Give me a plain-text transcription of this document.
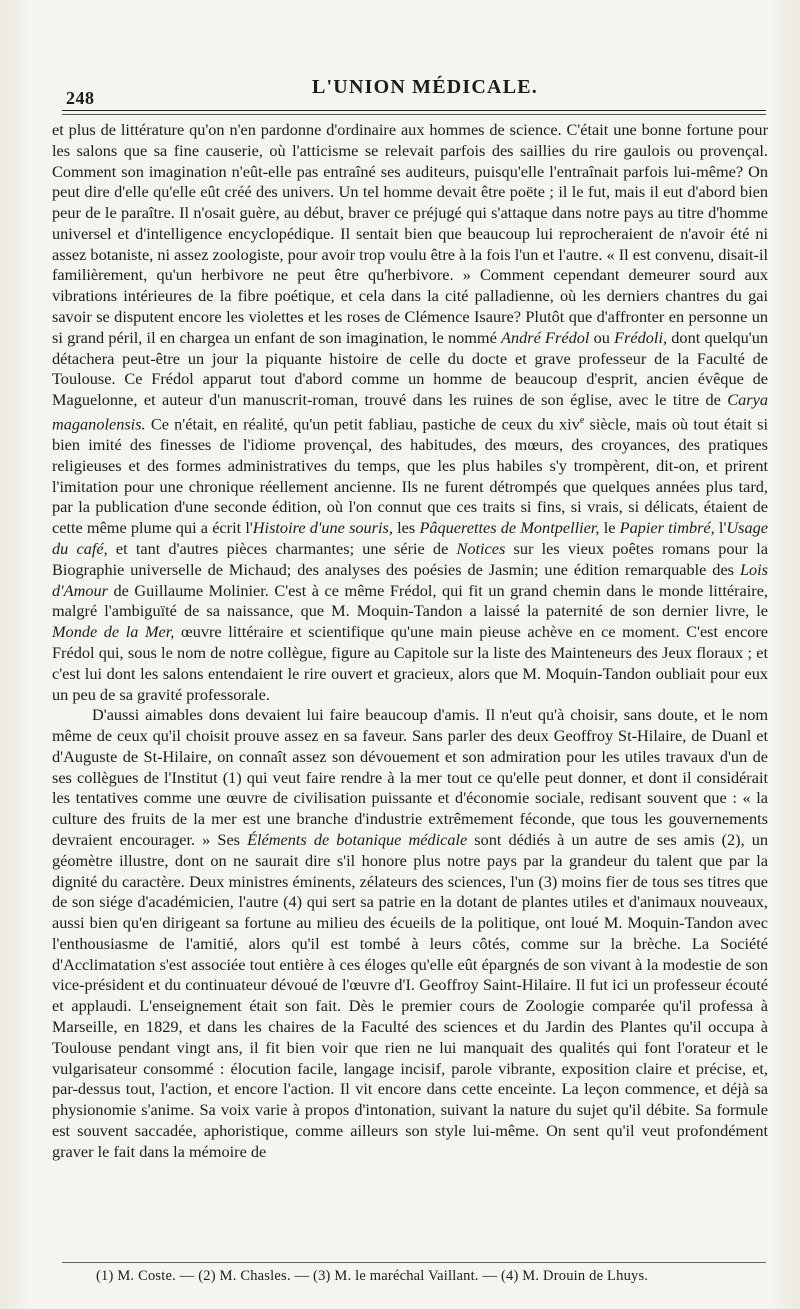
248	L'UNION MÉDICALE.

et plus de littérature qu'on n'en pardonne d'ordinaire aux hommes de science. C'était une bonne fortune pour les salons que sa fine causerie, où l'atticisme se relevait parfois des saillies du rire gaulois ou provençal. Comment son imagination n'eût-elle pas entraîné ses auditeurs, puisqu'elle l'entraînait parfois lui-même? On peut dire d'elle qu'elle eût créé des univers. Un tel homme devait être poëte ; il le fut, mais il eut d'abord bien peur de le paraître. Il n'osait guère, au début, braver ce préjugé qui s'attaque dans notre pays au titre d'homme universel et d'intelligence encyclopédique. Il sentait bien que beaucoup lui reprocheraient de n'avoir été ni assez botaniste, ni assez zoologiste, pour avoir trop voulu être à la fois l'un et l'autre. « Il est convenu, disait-il familièrement, qu'un herbivore ne peut être qu'herbivore. » Comment cependant demeurer sourd aux vibrations intérieures de la fibre poétique, et cela dans la cité palladienne, où les derniers chantres du gai savoir se disputent encore les violettes et les roses de Clémence Isaure? Plutôt que d'affronter en personne un si grand péril, il en chargea un enfant de son imagination, le nommé André Frédol ou Frédoli, dont quelqu'un détachera peut-être un jour la piquante histoire de celle du docte et grave professeur de la Faculté de Toulouse. Ce Frédol apparut tout d'abord comme un homme de beaucoup d'esprit, ancien évêque de Maguelonne, et auteur d'un manuscrit-roman, trouvé dans les ruines de son église, avec le titre de Carya maganolensis. Ce n'était, en réalité, qu'un petit fabliau, pastiche de ceux du xiv$^e$ siècle, mais où tout était si bien imité des finesses de l'idiome provençal, des habitudes, des mœurs, des croyances, des pratiques religieuses et des formes administratives du temps, que les plus habiles s'y trompèrent, dit-on, et prirent l'imitation pour une chronique réellement ancienne. Ils ne furent détrompés que quelques années plus tard, par la publication d'une seconde édition, où l'on connut que ces traits si fins, si vrais, si délicats, étaient de cette même plume qui a écrit l'Histoire d'une souris, les Pâquerettes de Montpellier, le Papier timbré, l'Usage du café, et tant d'autres pièces charmantes; une série de Notices sur les vieux poêtes romans pour la Biographie universelle de Michaud; des analyses des poésies de Jasmin; une édition remarquable des Lois d'Amour de Guillaume Molinier. C'est à ce même Frédol, qui fit un grand chemin dans le monde littéraire, malgré l'ambiguïté de sa naissance, que M. Moquin-Tandon a laissé la paternité de son dernier livre, le Monde de la Mer, œuvre littéraire et scientifique qu'une main pieuse achève en ce moment. C'est encore Frédol qui, sous le nom de notre collègue, figure au Capitole sur la liste des Mainteneurs des Jeux floraux ; et c'est lui dont les salons entendaient le rire ouvert et gracieux, alors que M. Moquin-Tandon oubliait pour eux un peu de sa gravité professorale.

D'aussi aimables dons devaient lui faire beaucoup d'amis. Il n'eut qu'à choisir, sans doute, et le nom même de ceux qu'il choisit prouve assez en sa faveur. Sans parler des deux Geoffroy St-Hilaire, de Duanl et d'Auguste de St-Hilaire, on connaît assez son dévouement et son admiration pour les utiles travaux d'un de ses collègues de l'Institut (1) qui veut faire rendre à la mer tout ce qu'elle peut donner, et dont il considérait les tentatives comme une œuvre de civilisation puissante et d'économie sociale, redisant souvent que : « la culture des fruits de la mer est une branche d'industrie extrêmement féconde, que tous les gouvernements devraient encourager. » Ses Éléments de botanique médicale sont dédiés à un autre de ses amis (2), un géomètre illustre, dont on ne saurait dire s'il honore plus notre pays par la grandeur du talent que par la dignité du caractère. Deux ministres éminents, zélateurs des sciences, l'un (3) moins fier de tous ses titres que de son siége d'académicien, l'autre (4) qui sert sa patrie en la dotant de plantes utiles et d'animaux nouveaux, aussi bien qu'en dirigeant sa fortune au milieu des écueils de la politique, ont loué M. Moquin-Tandon avec l'enthousiasme de l'amitié, alors qu'il est tombé à leurs côtés, comme sur la brèche. La Société d'Acclimatation s'est associée tout entière à ces éloges qu'elle eût épargnés de son vivant à la modestie de son vice-président et du continuateur dévoué de l'œuvre d'I. Geoffroy Saint-Hilaire. Il fut ici un professeur écouté et applaudi. L'enseignement était son fait. Dès le premier cours de Zoologie comparée qu'il professa à Marseille, en 1829, et dans les chaires de la Faculté des sciences et du Jardin des Plantes qu'il occupa à Toulouse pendant vingt ans, il fit bien voir que rien ne lui manquait des qualités qui font l'orateur et le vulgarisateur consommé : élocution facile, langage incisif, parole vibrante, exposition claire et précise, et, par-dessus tout, l'action, et encore l'action. Il vit encore dans cette enceinte. La leçon commence, et déjà sa physionomie s'anime. Sa voix varie à propos d'intonation, suivant la nature du sujet qu'il débite. Sa formule est souvent saccadée, aphoristique, comme ailleurs son style lui-même. On sent qu'il veut profondément graver le fait dans la mémoire de

(1) M. Coste. — (2) M. Chasles. — (3) M. le maréchal Vaillant. — (4) M. Drouin de Lhuys.
